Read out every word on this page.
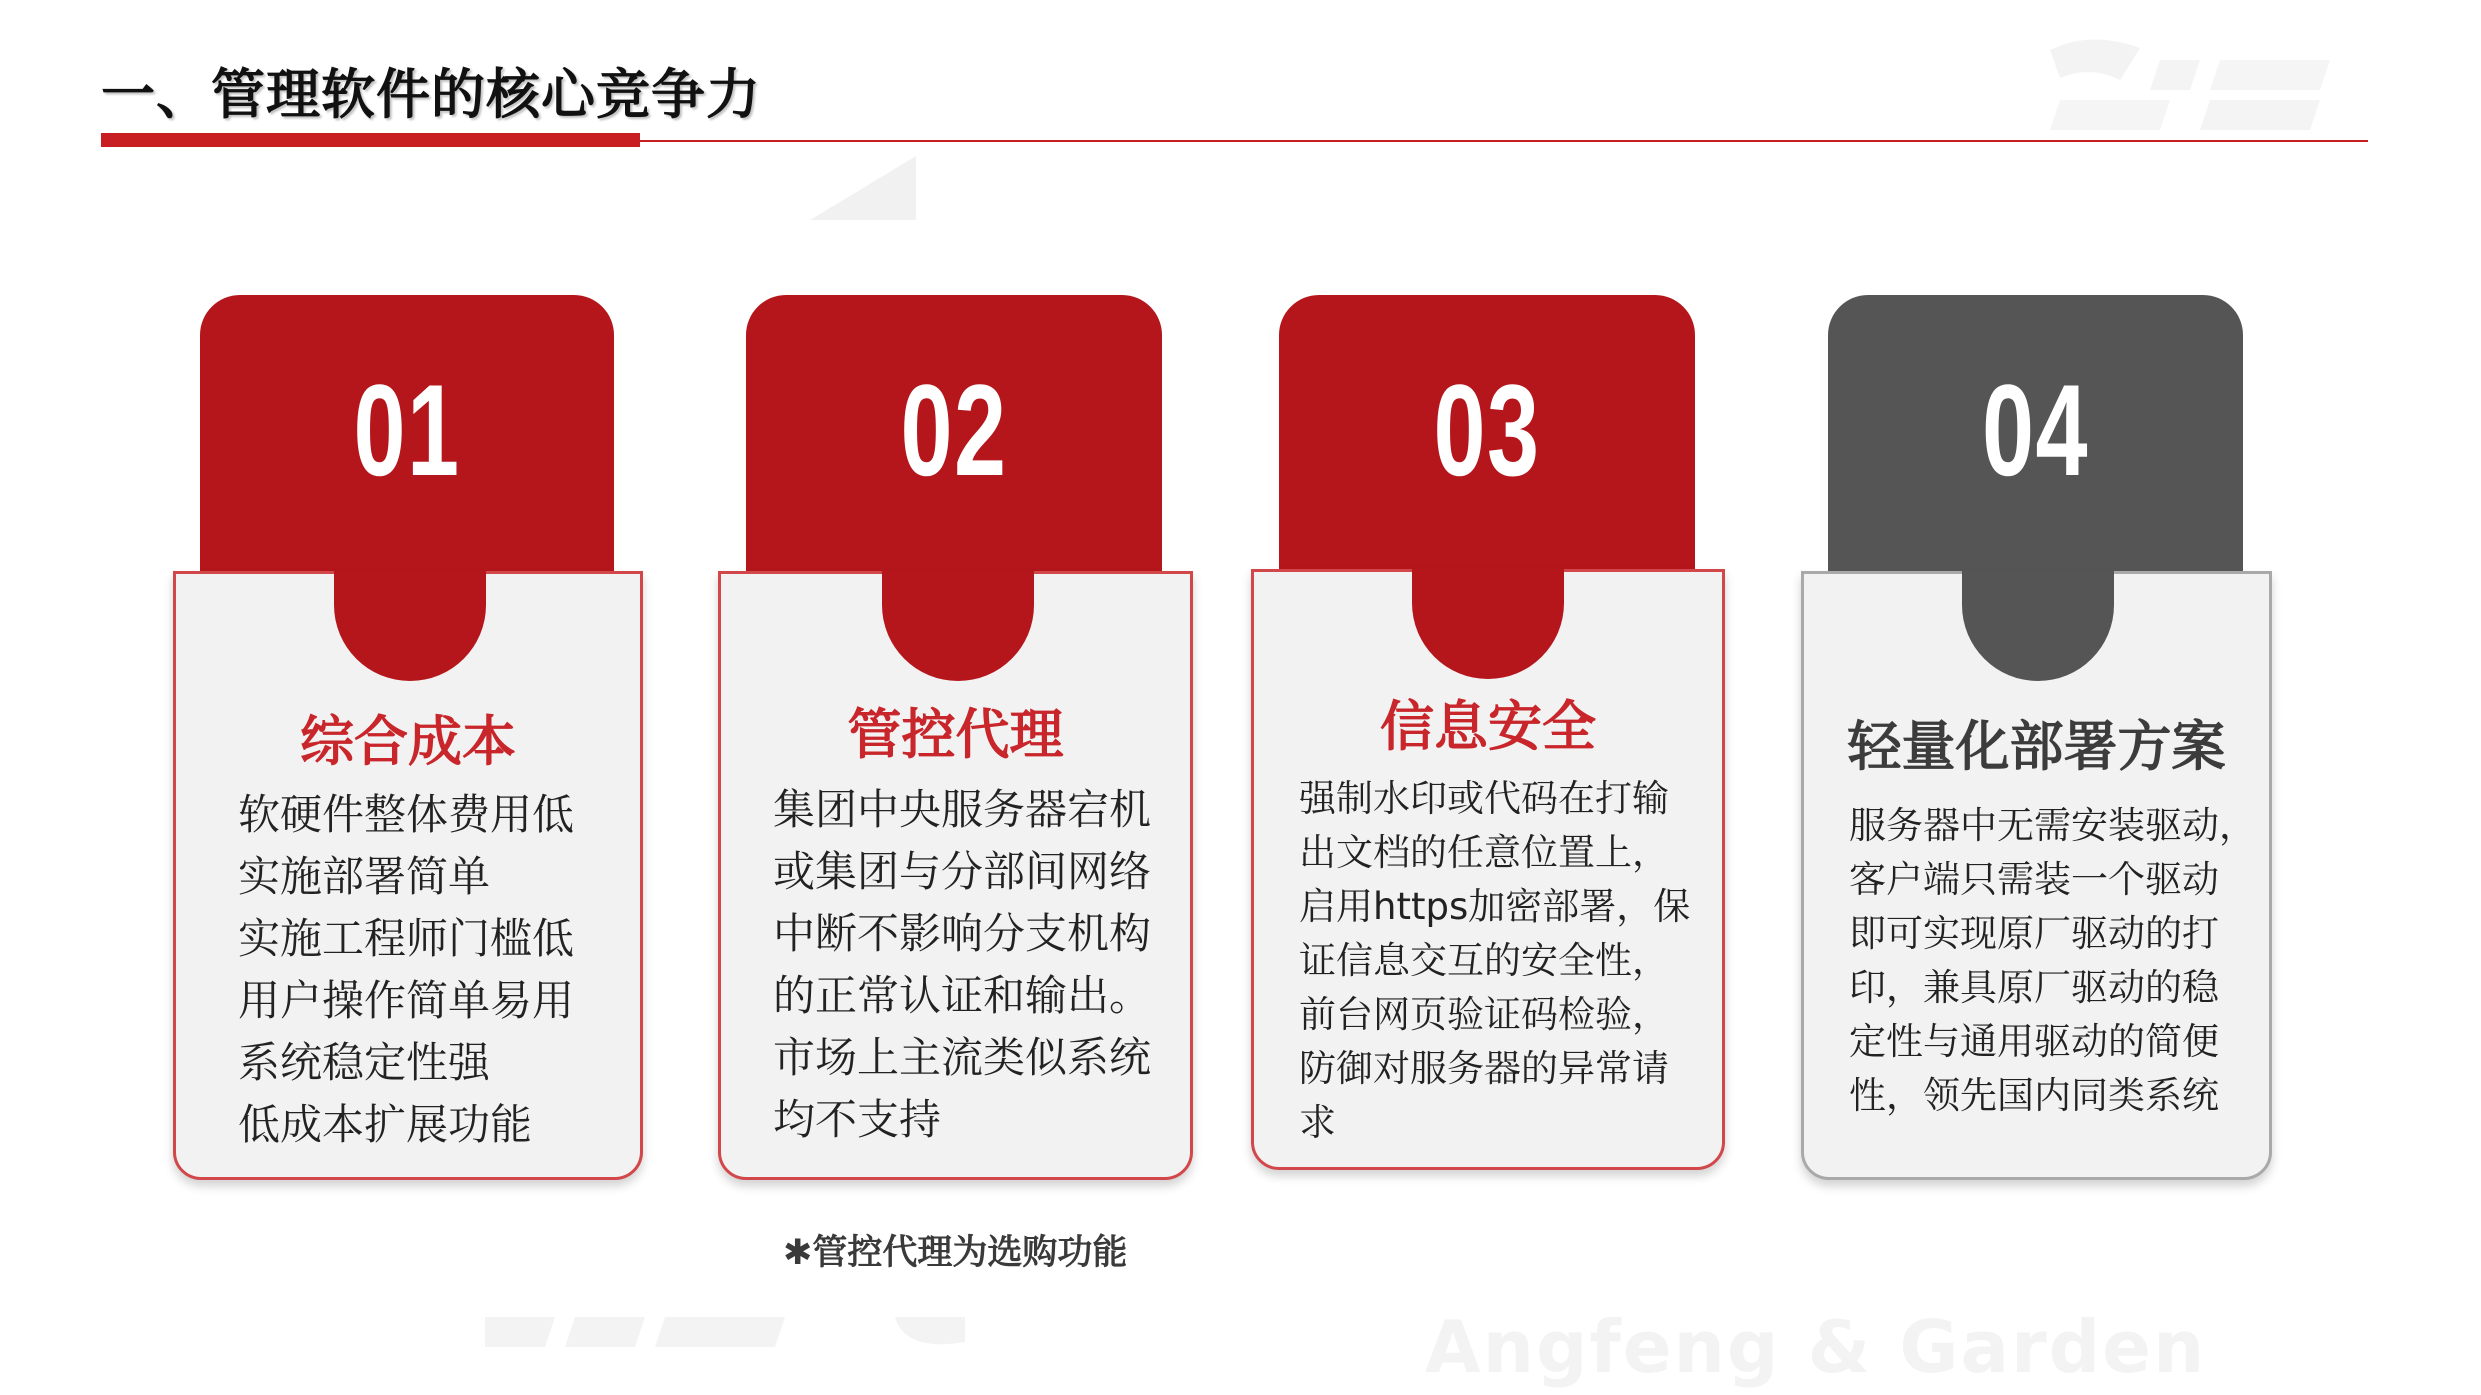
Angfeng & Garden
一、管理软件的核心竞争力
01
综合成本
软硬件整体费用低
实施部署简单
实施工程师门槛低
用户操作简单易用
系统稳定性强
低成本扩展功能
02
管控代理
集团中央服务器宕机
或集团与分部间网络
中断不影响分支机构
的正常认证和输出。
市场上主流类似系统
均不支持
03
信息安全
强制水印或代码在打输
出文档的任意位置上，
启用https加密部署，保
证信息交互的安全性，
前台网页验证码检验，
防御对服务器的异常请
求
04
轻量化部署方案
服务器中无需安装驱动，
客户端只需装一个驱动
即可实现原厂驱动的打
印，兼具原厂驱动的稳
定性与通用驱动的简便
性，领先国内同类系统
✱管控代理为选购功能
